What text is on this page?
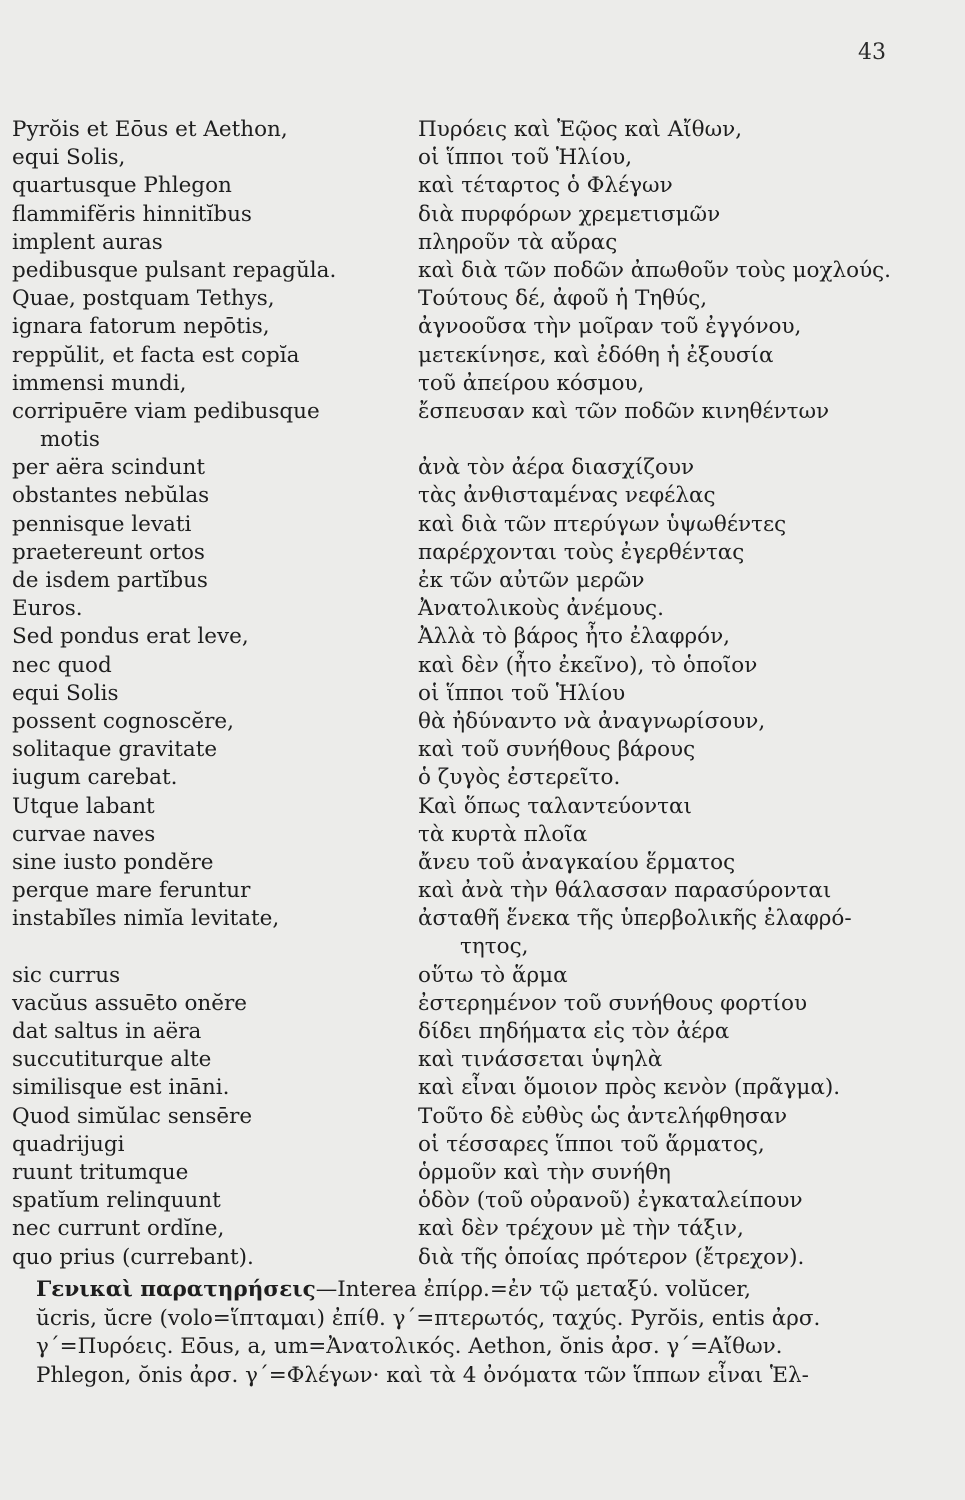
43
Pyrŏis et Eōus et Aethon,
equi Solis,
quartusque Phlegon
flammifĕris hinnitĭbus
implent auras
pedibusque pulsant repagŭla.
Quae, postquam Tethys,
ignara fatorum nepōtis,
reppŭlit, et facta est copĭa
immensi mundi,
corripuēre viam pedibusque
motis
per aëra scindunt
obstantes nebŭlas
pennisque levati
praetereunt ortos
de isdem partĭbus
Euros.
Sed pondus erat leve,
nec quod
equi Solis
possent cognoscĕre,
solitaque gravitate
iugum carebat.
Utque labant
curvae naves
sine iusto pondĕre
perque mare feruntur
instabĭles nimĭa levitate,
sic currus
vacŭus assuēto onĕre
dat saltus in aëra
succutiturque alte
similisque est ināni.
Quod simŭlac sensēre
quadrijugi
ruunt tritumque
spatĭum relinquunt
nec currunt ordĭne,
quo prius (currebant).
Πυρόεις καὶ Ἑῷος καὶ Αἴθων,
οἱ ἵπποι τοῦ Ἡλίου,
καὶ τέταρτος ὁ Φλέγων
διὰ πυρφόρων χρεμετισμῶν
πληροῦν τὰ αὔρας
καὶ διὰ τῶν ποδῶν ἀπωθοῦν τοὺς μοχλούς.
Τούτους δέ, ἀφοῦ ἡ Τηθύς,
ἀγνοοῦσα τὴν μοῖραν τοῦ ἐγγόνου,
μετεκίνησε, καὶ ἐδόθη ἡ ἐξουσία
τοῦ ἀπείρου κόσμου,
ἔσπευσαν καὶ τῶν ποδῶν κινηθέντων
ἀνὰ τὸν ἀέρα διασχίζουν
τὰς ἀνθισταμένας νεφέλας
καὶ διὰ τῶν πτερύγων ὑψωθέντες
παρέρχονται τοὺς ἐγερθέντας
ἐκ τῶν αὐτῶν μερῶν
Ἀνατολικοὺς ἀνέμους.
Ἀλλὰ τὸ βάρος ἦτο ἐλαφρόν,
καὶ δὲν (ἦτο ἐκεῖνο), τὸ ὁποῖον
οἱ ἵπποι τοῦ Ἡλίου
θὰ ἠδύναντο νὰ ἀναγνωρίσουν,
καὶ τοῦ συνήθους βάρους
ὁ ζυγὸς ἐστερεῖτο.
Καὶ ὅπως ταλαντεύονται
τὰ κυρτὰ πλοῖα
ἄνευ τοῦ ἀναγκαίου ἕρματος
καὶ ἀνὰ τὴν θάλασσαν παρασύρονται
ἀσταθῆ ἕνεκα τῆς ὑπερβολικῆς ἐλαφρό-
τητος,
οὕτω τὸ ἅρμα
ἐστερημένον τοῦ συνήθους φορτίου
δίδει πηδήματα εἰς τὸν ἀέρα
καὶ τινάσσεται ὑψηλὰ
καὶ εἶναι ὅμοιον πρὸς κενὸν (πρᾶγμα).
Τοῦτο δὲ εὐθὺς ὡς ἀντελήφθησαν
οἱ τέσσαρες ἵπποι τοῦ ἅρματος,
ὁρμοῦν καὶ τὴν συνήθη
ὁδὸν (τοῦ οὐρανοῦ) ἐγκαταλείπουν
καὶ δὲν τρέχουν μὲ τὴν τάξιν,
διὰ τῆς ὁποίας πρότερον (ἔτρεχον).

Γενικαὶ παρατηρήσεις—Interea ἐπίρρ.=ἐν τῷ μεταξύ. volŭcer,

ŭcris, ŭcre (volo=ἵπταμαι) ἐπίθ. γ΄=πτερωτός, ταχύς. Pyrŏis, entis ἀρσ.

γ΄=Πυρόεις. Eōus, a, um=Ἀνατολικός. Aethon, ŏnis ἀρσ. γ΄=Αἴθων.

Phlegon, ŏnis ἀρσ. γ΄=Φλέγων· καὶ τὰ 4 ὀνόματα τῶν ἵππων εἶναι Ἑλ-
